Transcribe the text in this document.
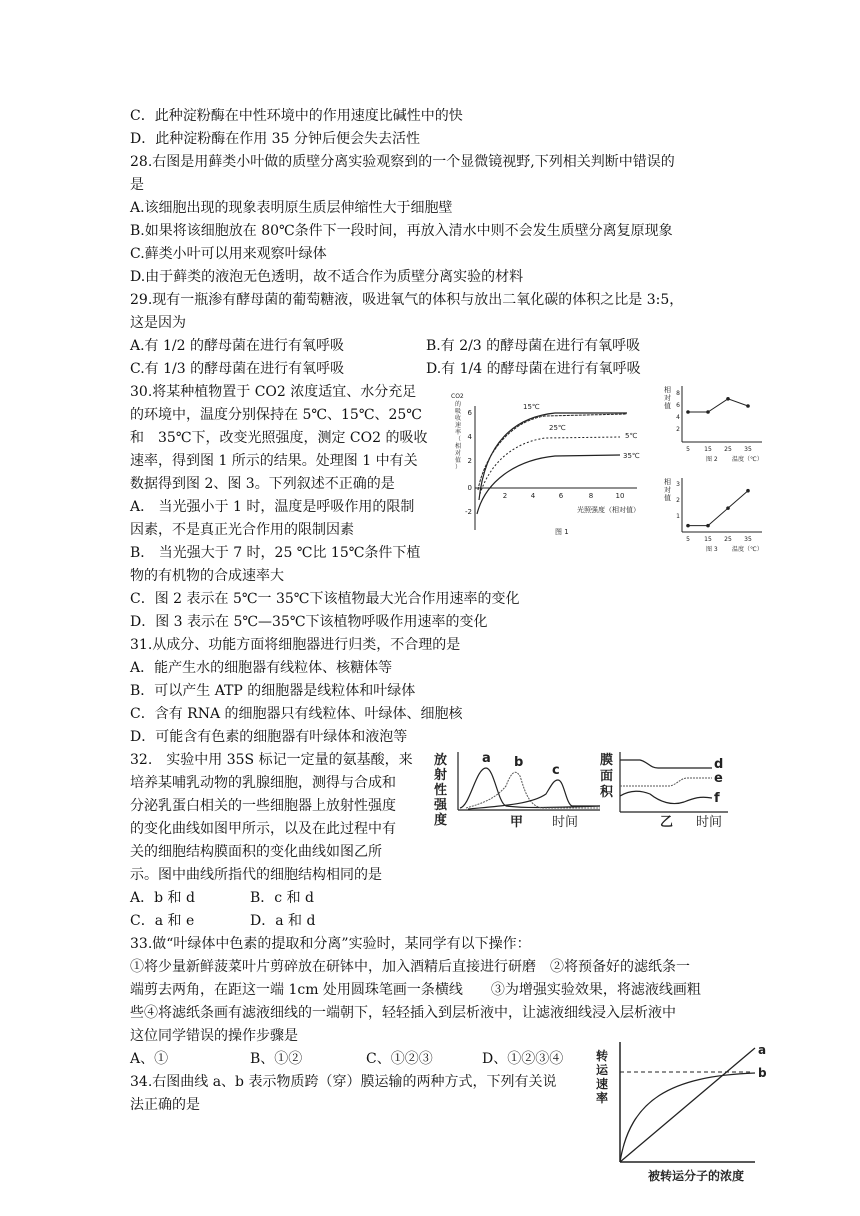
C．此种淀粉酶在中性环境中的作用速度比碱性中的快
D．此种淀粉酶在作用 35 分钟后便会失去活性
28.右图是用藓类小叶做的质壁分离实验观察到的一个显微镜视野,下列相关判断中错误的
是
A.该细胞出现的现象表明原生质层伸缩性大于细胞壁
B.如果将该细胞放在 80℃条件下一段时间，再放入清水中则不会发生质壁分离复原现象
C.藓类小叶可以用来观察叶绿体
D.由于藓类的液泡无色透明，故不适合作为质壁分离实验的材料
29.现有一瓶渗有酵母菌的葡萄糖液，吸进氧气的体积与放出二氧化碳的体积之比是 3:5，
这是因为
A.有 1/2 的酵母菌在进行有氧呼吸	B.有 2/3 的酵母菌在进行有氧呼吸
C.有 1/3 的酵母菌在进行有氧呼吸	D.有 1/4 的酵母菌在进行有氧呼吸
30.将某种植物置于 CO2 浓度适宜、水分充足
的环境中，温度分别保持在 5℃、15℃、25℃
和　35℃下，改变光照强度，测定 CO2 的吸收
速率，得到图 1 所示的结果。处理图 1 中有关
数据得到图 2、图 3。下列叙述不正确的是
A． 当光强小于 1 时，温度是呼吸作用的限制
因素，不是真正光合作用的限制因素
B． 当光强大于 7 时，25 ℃比 15℃条件下植
物的有机物的合成速率大
C．图 2 表示在 5℃一 35℃下该植物最大光合作用速率的变化
D．图 3 表示在 5℃—35℃下该植物呼吸作用速率的变化
31.从成分、功能方面将细胞器进行归类，不合理的是
A．能产生水的细胞器有线粒体、核糖体等
B．可以产生 ATP 的细胞器是线粒体和叶绿体
C．含有 RNA 的细胞器只有线粒体、叶绿体、细胞核
D．可能含有色素的细胞器有叶绿体和液泡等
32.　实验中用 35S 标记一定量的氨基酸，来
培养某哺乳动物的乳腺细胞，测得与合成和
分泌乳蛋白相关的一些细胞器上放射性强度
的变化曲线如图甲所示，以及在此过程中有
关的细胞结构膜面积的变化曲线如图乙所
示。图中曲线所指代的细胞结构相同的是
A．b 和 d	B．c 和 d
C．a 和 e	D．a 和 d
33.做“叶绿体中色素的提取和分离”实验时，某同学有以下操作：
①将少量新鲜菠菜叶片剪碎放在研钵中，加入酒精后直接进行研磨　②将预备好的滤纸条一
端剪去两角，在距这一端 1cm 处用圆珠笔画一条横线　　③为增强实验效果，将滤液线画粗
些④将滤纸条画有滤液细线的一端朝下，轻轻插入到层析液中，让滤液细线浸入层析液中
这位同学错误的操作步骤是
A、①	B、①②	C、①②③	D、①②③④
34.右图曲线 a、b 表示物质跨（穿）膜运输的两种方式，下列有关说
法正确的是
CO2
的
吸
收
速
率
（
相
对
值
）
6
4
2
0
-2
2	4	6	8	10
光照强度（相对值）
15℃
25℃
5℃
35℃
图 1
相
对
值
8
6
4
2
5 15 25 35
图 2 温度（℃）
相
对
值
3
2
1
5 15 25 35
图 3 温度（℃）
放
射
性
强
度
a b
c
甲 时间
膜
面
积
d
e
f
乙 时间
转
运
速
率
a
b
被转运分子的浓度
